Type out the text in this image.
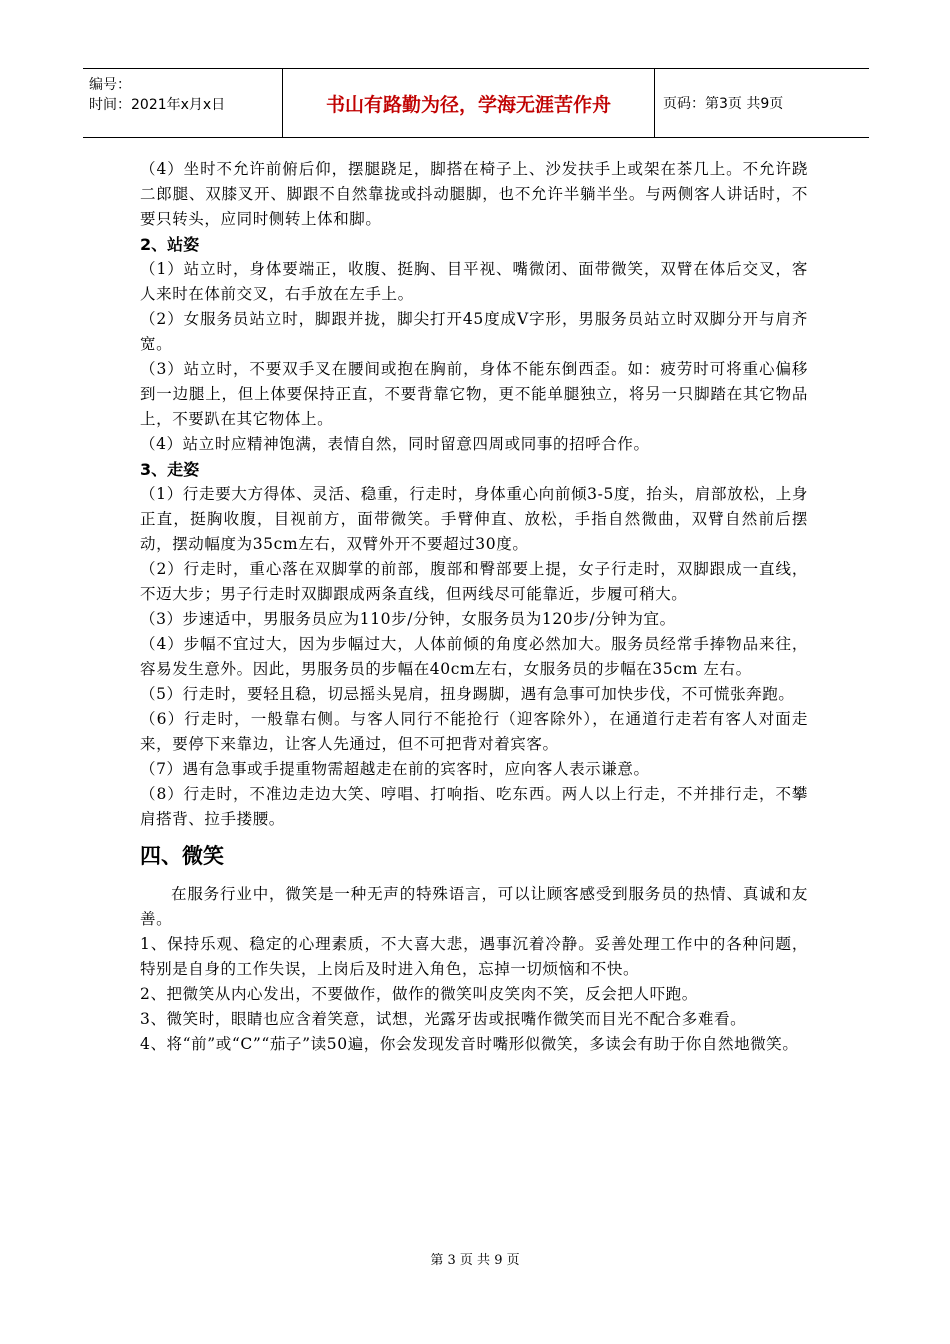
编号：
时间：2021年x月x日	书山有路勤为径，学海无涯苦作舟	页码：第3页 共9页

（4）坐时不允许前俯后仰，摆腿跷足，脚搭在椅子上、沙发扶手上或架在茶几上。不允许跷二郎腿、双膝叉开、脚跟不自然靠拢或抖动腿脚，也不允许半躺半坐。与两侧客人讲话时，不要只转头，应同时侧转上体和脚。

2、站姿

（1）站立时，身体要端正，收腹、挺胸、目平视、嘴微闭、面带微笑，双臂在体后交叉，客人来时在体前交叉，右手放在左手上。

（2）女服务员站立时，脚跟并拢，脚尖打开45度成V字形，男服务员站立时双脚分开与肩齐宽。

（3）站立时，不要双手叉在腰间或抱在胸前，身体不能东倒西歪。如：疲劳时可将重心偏移到一边腿上，但上体要保持正直，不要背靠它物，更不能单腿独立，将另一只脚踏在其它物品上，不要趴在其它物体上。

（4）站立时应精神饱满，表情自然，同时留意四周或同事的招呼合作。

3、走姿

（1）行走要大方得体、灵活、稳重，行走时，身体重心向前倾3-5度，抬头，肩部放松，上身正直，挺胸收腹，目视前方，面带微笑。手臂伸直、放松，手指自然微曲，双臂自然前后摆动，摆动幅度为35cm左右，双臂外开不要超过30度。

（2）行走时，重心落在双脚掌的前部，腹部和臀部要上提，女子行走时，双脚跟成一直线，不迈大步；男子行走时双脚跟成两条直线，但两线尽可能靠近，步履可稍大。

（3）步速适中，男服务员应为110步/分钟，女服务员为120步/分钟为宜。

（4）步幅不宜过大，因为步幅过大，人体前倾的角度必然加大。服务员经常手捧物品来往，容易发生意外。因此，男服务员的步幅在40cm左右，女服务员的步幅在35cm 左右。

（5）行走时，要轻且稳，切忌摇头晃肩，扭身踢脚，遇有急事可加快步伐，不可慌张奔跑。

（6）行走时，一般靠右侧。与客人同行不能抢行（迎客除外），在通道行走若有客人对面走来，要停下来靠边，让客人先通过，但不可把背对着宾客。

（7）遇有急事或手提重物需超越走在前的宾客时，应向客人表示谦意。

（8）行走时，不准边走边大笑、哼唱、打响指、吃东西。两人以上行走，不并排行走，不攀肩搭背、拉手搂腰。

四、微笑

在服务行业中，微笑是一种无声的特殊语言，可以让顾客感受到服务员的热情、真诚和友善。

1、保持乐观、稳定的心理素质，不大喜大悲，遇事沉着冷静。妥善处理工作中的各种问题，特别是自身的工作失误，上岗后及时进入角色，忘掉一切烦恼和不快。

2、把微笑从内心发出，不要做作，做作的微笑叫皮笑肉不笑，反会把人吓跑。

3、微笑时，眼睛也应含着笑意，试想，光露牙齿或抿嘴作微笑而目光不配合多难看。

4、将“前”或“C”“茄子”读50遍，你会发现发音时嘴形似微笑，多读会有助于你自然地微笑。

第 3 页 共 9 页
